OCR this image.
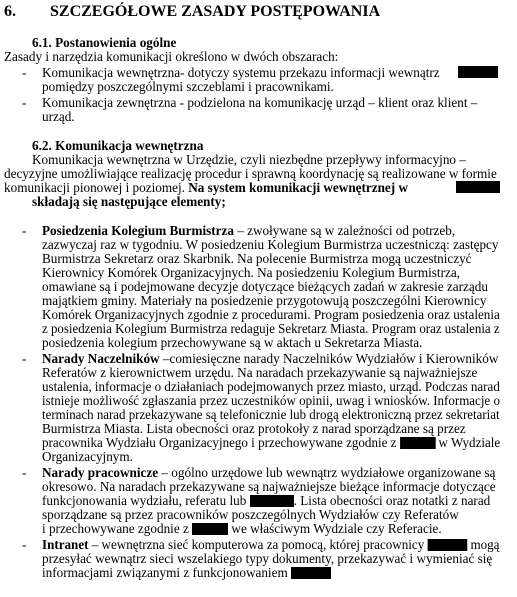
6. SZCZEGÓŁOWE ZASADY POSTĘPOWANIA
6.1. Postanowienia ogólne
Zasady i narzędzia komunikacji określono w dwóch obszarach:
- Komunikacja wewnętrzna- dotyczy systemu przekazu informacji wewnątrz
pomiędzy poszczególnymi szczeblami i pracownikami.
- Komunikacja zewnętrzna - podzielona na komunikację urząd – klient oraz klient –
urząd.
6.2. Komunikacja wewnętrzna
Komunikacja wewnętrzna w Urzędzie, czyli niezbędne przepływy informacyjno –
decyzyjne umożliwiające realizację procedur i sprawną koordynację są realizowane w formie
komunikacji pionowej i poziomej. Na system komunikacji wewnętrznej w
składają się następujące elementy;
- Posiedzenia Kolegium Burmistrza – zwoływane są w zależności od potrzeb,
zazwyczaj raz w tygodniu. W posiedzeniu Kolegium Burmistrza uczestniczą: zastępcy
Burmistrza Sekretarz oraz Skarbnik. Na polecenie Burmistrza mogą uczestniczyć
Kierownicy Komórek Organizacyjnych. Na posiedzeniu Kolegium Burmistrza,
omawiane są i podejmowane decyzje dotyczące bieżących zadań w zakresie zarządu
majątkiem gminy. Materiały na posiedzenie przygotowują poszczególni Kierownicy
Komórek Organizacyjnych zgodnie z procedurami. Program posiedzenia oraz ustalenia
z posiedzenia Kolegium Burmistrza redaguje Sekretarz Miasta. Program oraz ustalenia z
posiedzenia kolegium przechowywane są w aktach u Sekretarza Miasta.
- Narady Naczelników –comiesięczne narady Naczelników Wydziałów i Kierowników
Referatów z kierownictwem urzędu. Na naradach przekazywanie są najważniejsze
ustalenia, informacje o działaniach podejmowanych przez miasto, urząd. Podczas narad
istnieje możliwość zgłaszania przez uczestników opinii, uwag i wniosków. Informacje o
terminach narad przekazywane są telefonicznie lub drogą elektroniczną przez sekretariat
Burmistrza Miasta. Lista obecności oraz protokoły z narad sporządzane są przez
pracownika Wydziału Organizacyjnego i przechowywane zgodnie z	w Wydziale
Organizacyjnym.
- Narady pracownicze – ogólno urzędowe lub wewnątrz wydziałowe organizowane są
okresowo. Na naradach przekazywane są najważniejsze bieżące informacje dotyczące
funkcjonowania wydziału, referatu lub	. Lista obecności oraz notatki z narad
sporządzane są przez pracowników poszczególnych Wydziałów czy Referatów
i przechowywane zgodnie z	we właściwym Wydziale czy Referacie.
- Intranet – wewnętrzna sieć komputerowa za pomocą, której pracownicy	mogą
przesyłać wewnątrz sieci wszelakiego typy dokumenty, przekazywać i wymieniać się
informacjami związanymi z funkcjonowaniem
